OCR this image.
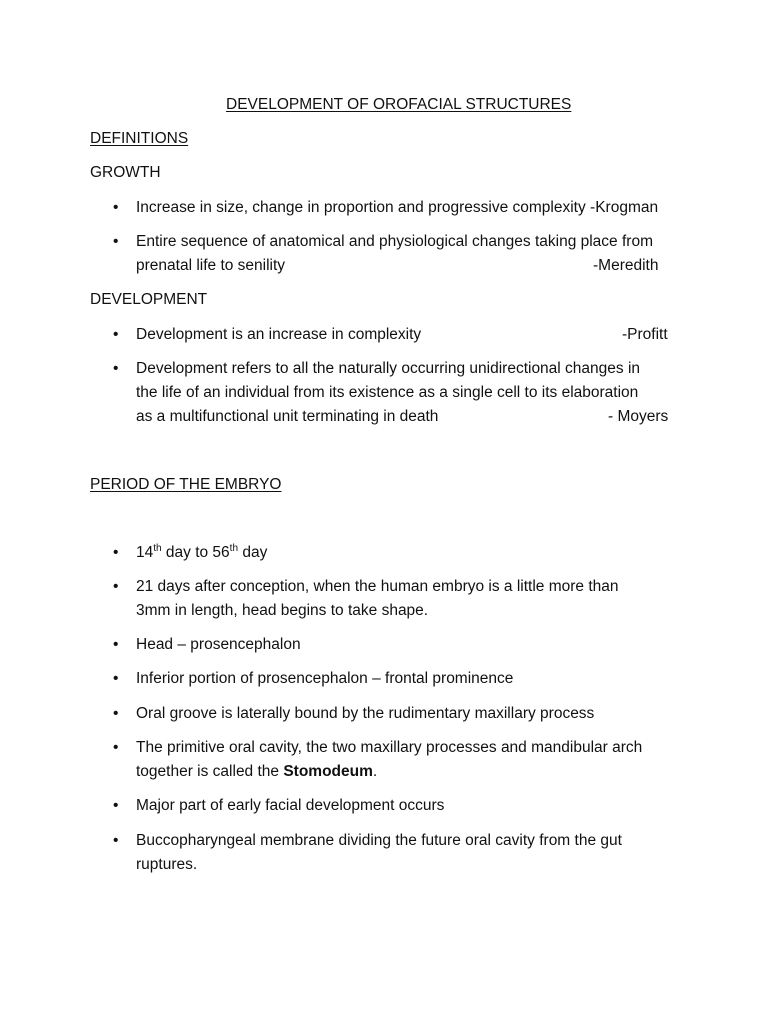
DEVELOPMENT OF OROFACIAL STRUCTURES
DEFINITIONS
GROWTH
• Increase in size, change in proportion and progressive complexity -Krogman
• Entire sequence of anatomical and physiological changes taking place from
prenatal life to senility	-Meredith
DEVELOPMENT
• Development is an increase in complexity	-Profitt
• Development refers to all the naturally occurring unidirectional changes in
the life of an individual from its existence as a single cell to its elaboration
as a multifunctional unit terminating in death	- Moyers
PERIOD OF THE EMBRYO
• 14th day to 56th day
• 21 days after conception, when the human embryo is a little more than
3mm in length, head begins to take shape.
• Head – prosencephalon
• Inferior portion of prosencephalon – frontal prominence
• Oral groove is laterally bound by the rudimentary maxillary process
• The primitive oral cavity, the two maxillary processes and mandibular arch
together is called the Stomodeum.
• Major part of early facial development occurs
• Buccopharyngeal membrane dividing the future oral cavity from the gut
ruptures.
